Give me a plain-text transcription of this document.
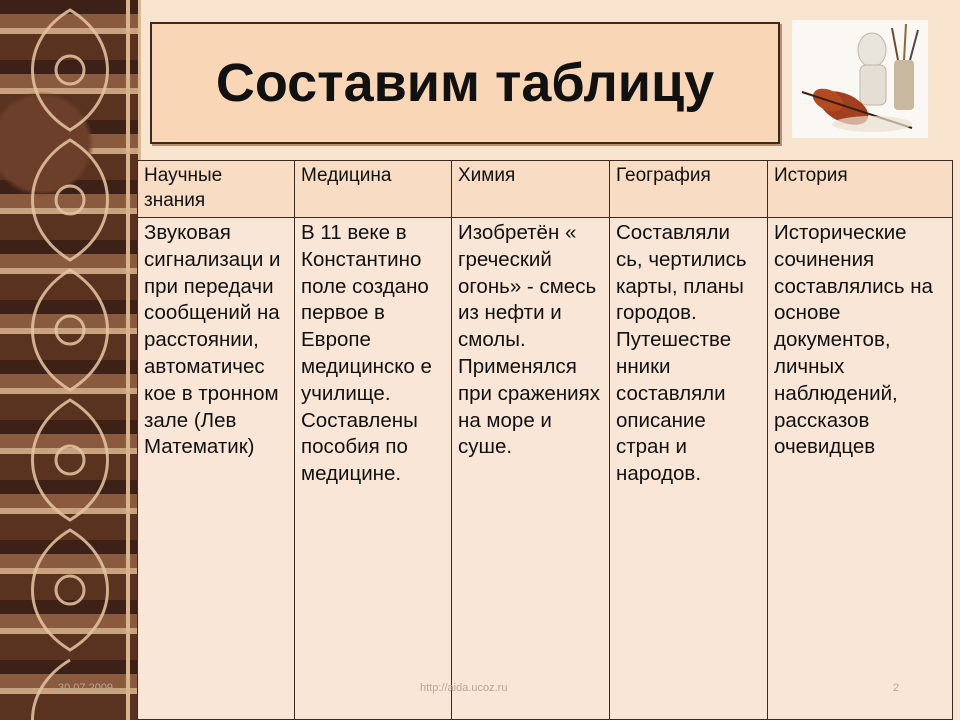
Составим таблицу
Научные знания	Медицина	Химия	География	История
Звуковая сигнализаци и при передачи сообщений на расстоянии, автоматичес кое в тронном зале (Лев Математик)	В 11 веке в Константино поле создано первое в Европе медицинско е училище. Составлены пособия по медицине.	Изобретён « греческий огонь» - смесь из нефти и смолы. Применялся при сражениях на море и суше.	Составляли сь, чертились карты, планы городов. Путешестве нники составляли описание стран и народов.	Исторические сочинения составлялись на основе документов, личных наблюдений, рассказов очевидцев
30.07.2009	http://aida.ucoz.ru	2
